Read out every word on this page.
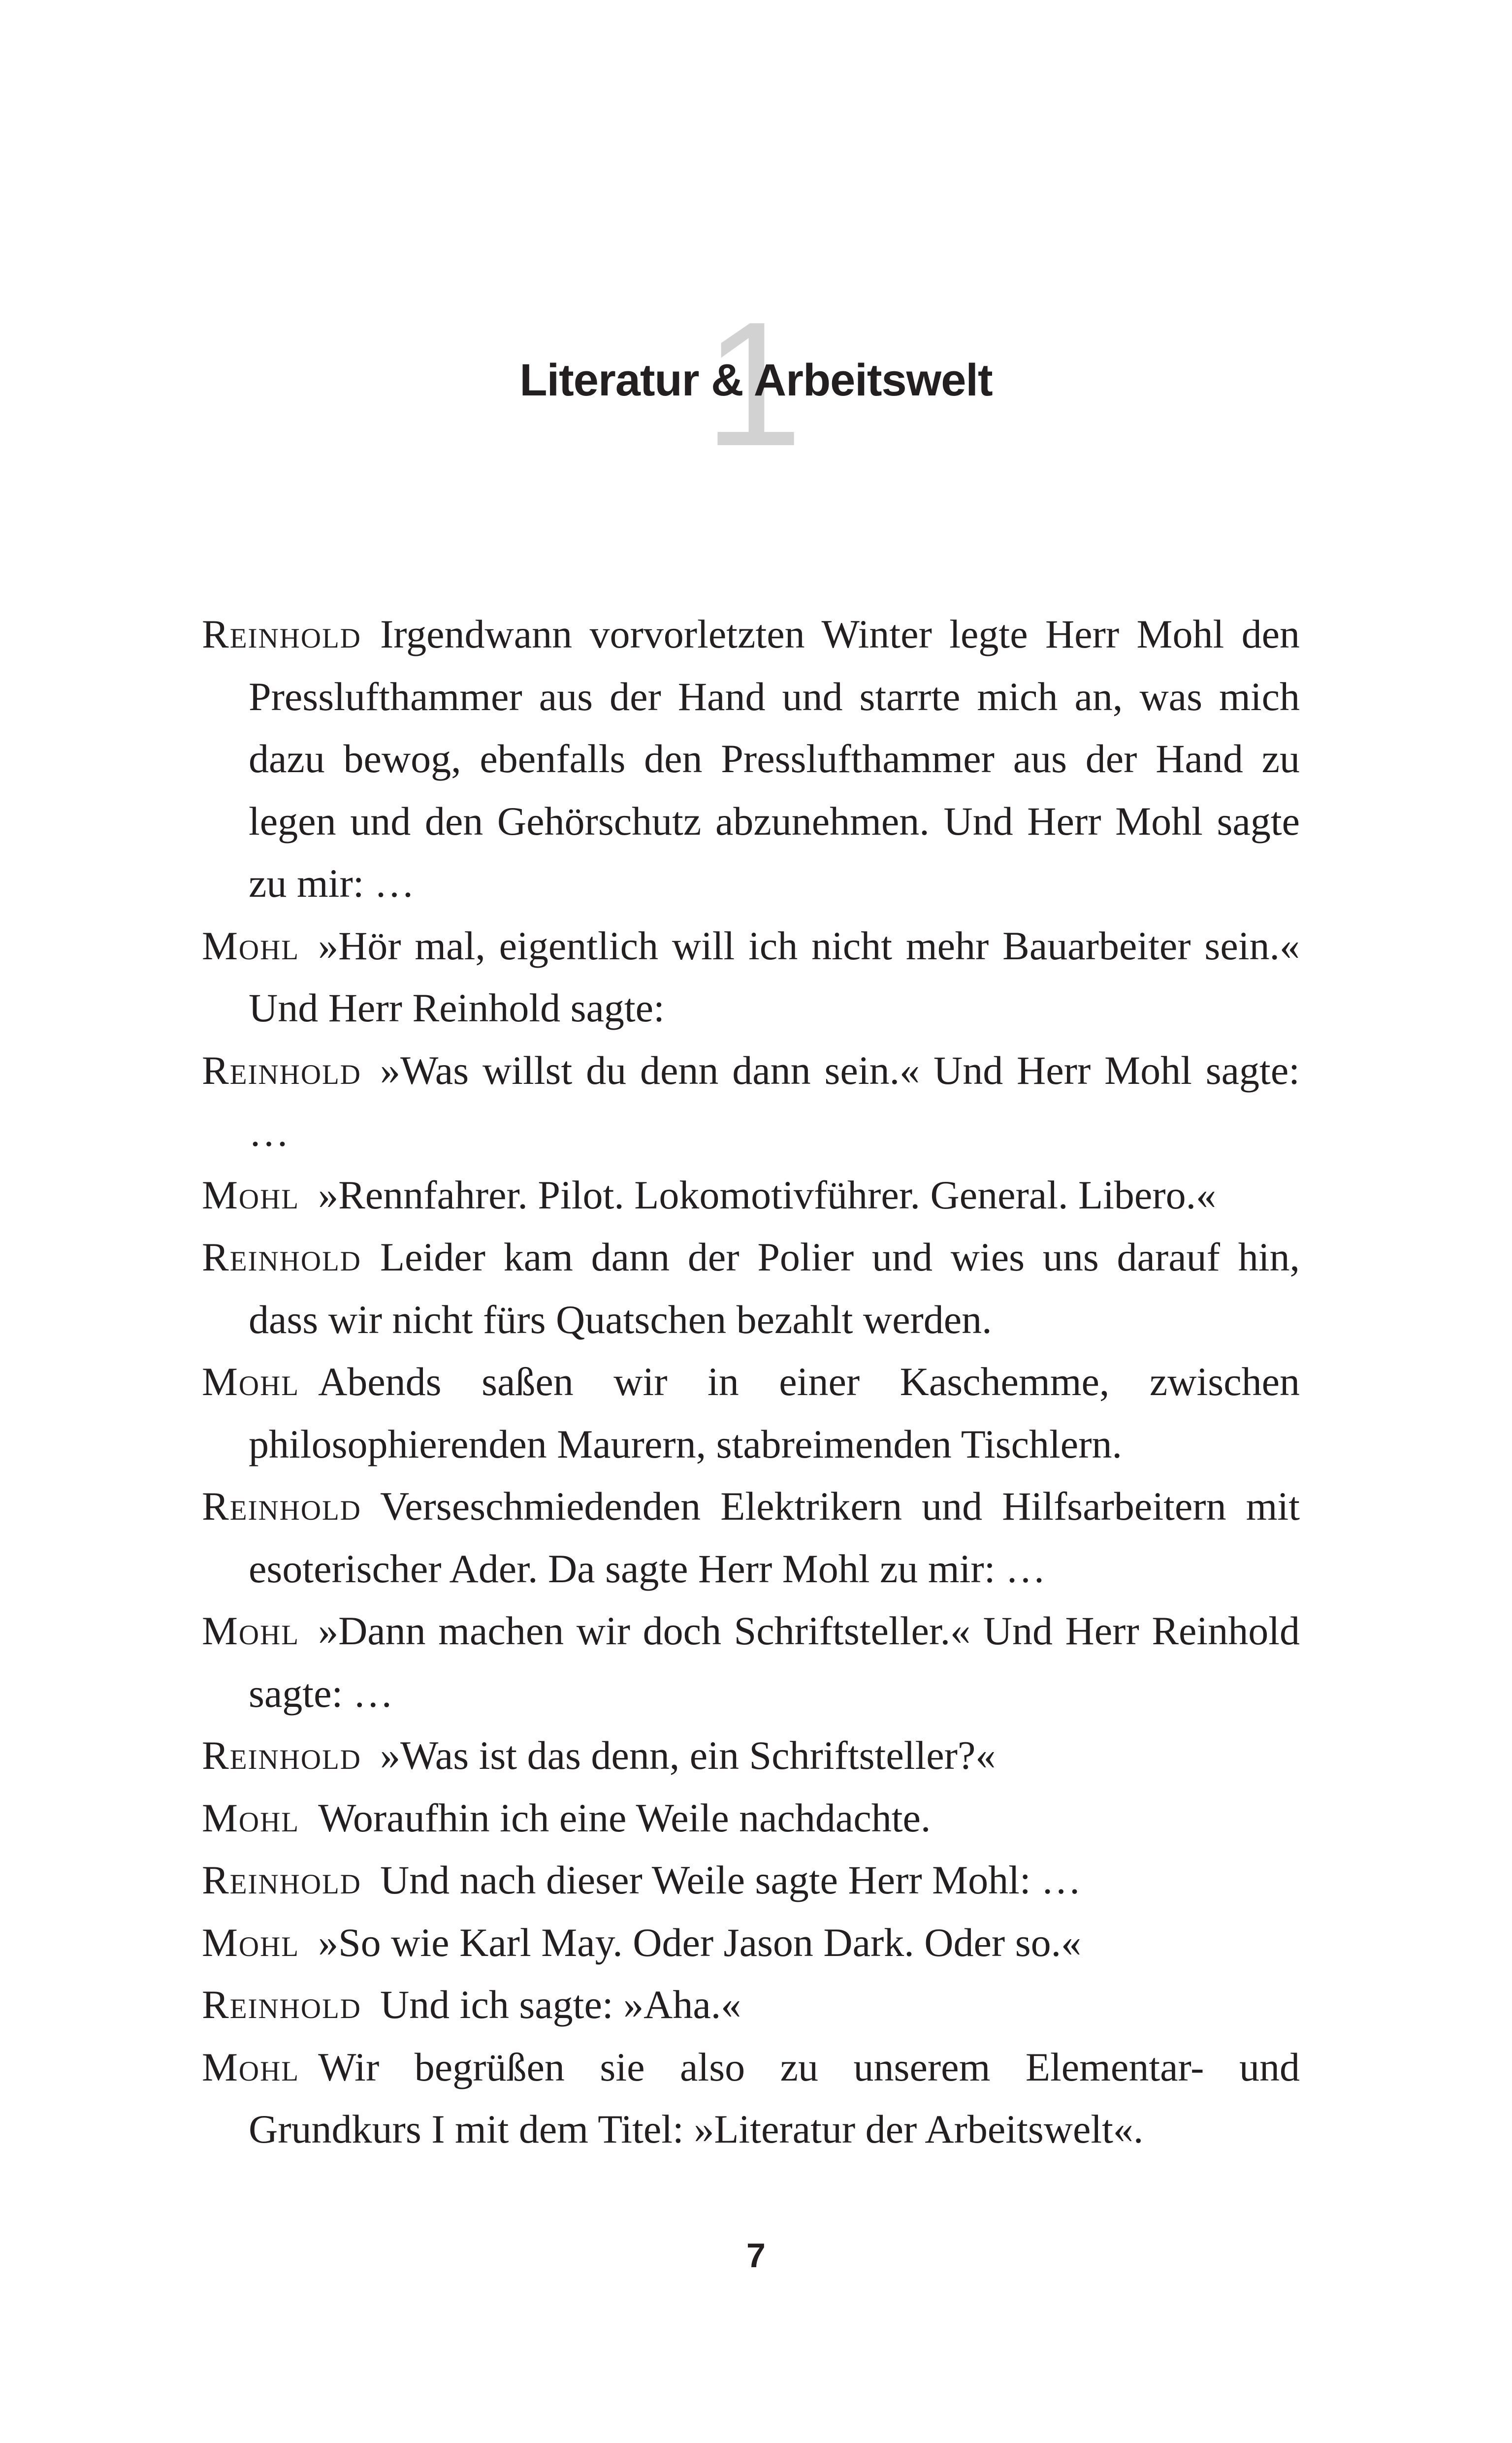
1
Literatur & Arbeitswelt

Reinhold Irgendwann vorvorletzten Winter legte Herr Mohl den Presslufthammer aus der Hand und starrte mich an, was mich dazu bewog, ebenfalls den Presslufthammer aus der Hand zu legen und den Gehörschutz abzunehmen. Und Herr Mohl sagte zu mir: …

Mohl »Hör mal, eigentlich will ich nicht mehr Bauarbeiter sein.« Und Herr Reinhold sagte:

Reinhold »Was willst du denn dann sein.« Und Herr Mohl sagte: …

Mohl »Rennfahrer. Pilot. Lokomotivführer. General. Libero.«

Reinhold Leider kam dann der Polier und wies uns darauf hin, dass wir nicht fürs Quatschen bezahlt werden.

Mohl Abends saßen wir in einer Kaschemme, zwischen philosophierenden Maurern, stabreimenden Tischlern.

Reinhold Verseschmiedenden Elektrikern und Hilfsarbeitern mit esoterischer Ader. Da sagte Herr Mohl zu mir: …

Mohl »Dann machen wir doch Schriftsteller.« Und Herr Reinhold sagte: …

Reinhold »Was ist das denn, ein Schriftsteller?«

Mohl Woraufhin ich eine Weile nachdachte.

Reinhold Und nach dieser Weile sagte Herr Mohl: …

Mohl »So wie Karl May. Oder Jason Dark. Oder so.«

Reinhold Und ich sagte: »Aha.«

Mohl Wir begrüßen sie also zu unserem Elementar- und Grundkurs I mit dem Titel: »Literatur der Arbeitswelt«.

7
